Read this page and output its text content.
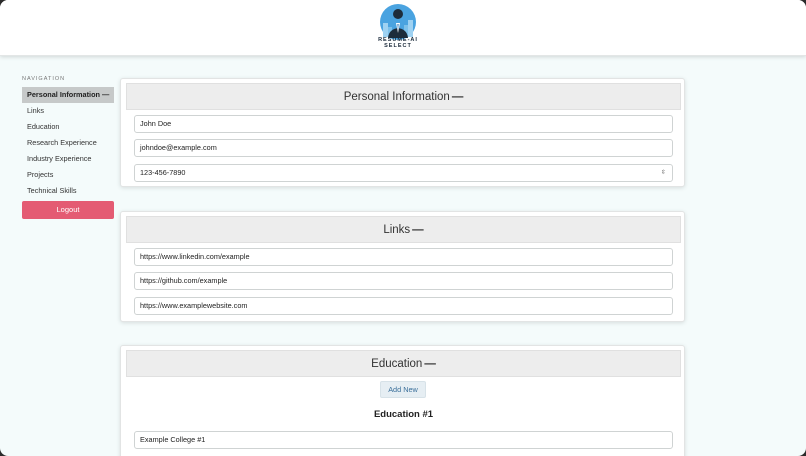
RESUME-AI
SELECT
NAVIGATION
Personal Information —
Links
Education
Research Experience
Industry Experience
Projects
Technical Skills
Logout
Personal Information —
John Doe
johndoe@example.com
123-456-7890	⇳
Links —
https://www.linkedin.com/example
https://github.com/example
https://www.examplewebsite.com
Education —
Add New
Education #1
Example College #1
